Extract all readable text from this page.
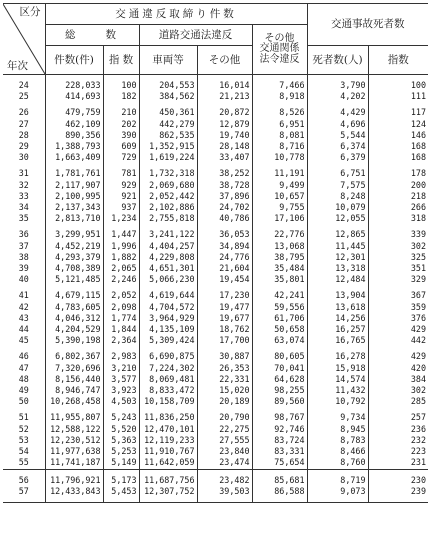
区分
年次	交通違反取締り件数					交通事故死者数	
	総　　数		道路交通法違反		その他
交通関係
法令違反		
	件数(件)	指 数	車両等	その他		死者数(人)	指数

24	228,033	100	204,553	16,014	7,466	3,790	100
25	414,693	182	384,562	21,213	8,918	4,202	111

26	479,759	210	450,361	20,872	8,526	4,429	117
27	462,109	202	442,279	12,879	6,951	4,696	124
28	890,356	390	862,535	19,740	8,081	5,544	146
29	1,388,793	609	1,352,915	28,148	8,716	6,374	168
30	1,663,409	729	1,619,224	33,407	10,778	6,379	168

31	1,781,761	781	1,732,318	38,252	11,191	6,751	178
32	2,117,907	929	2,069,680	38,728	9,499	7,575	200
33	2,100,995	921	2,052,442	37,896	10,657	8,248	218
34	2,137,343	937	2,102,886	24,702	9,755	10,079	266
35	2,813,710	1,234	2,755,818	40,786	17,106	12,055	318

36	3,299,951	1,447	3,241,122	36,053	22,776	12,865	339
37	4,452,219	1,996	4,404,257	34,894	13,068	11,445	302
38	4,293,379	1,882	4,229,808	24,776	38,795	12,301	325
39	4,708,389	2,065	4,651,301	21,604	35,484	13,318	351
40	5,121,485	2,246	5,066,230	19,454	35,801	12,484	329

41	4,679,115	2,052	4,619,644	17,230	42,241	13,904	367
42	4,783,605	2,098	4,704,572	19,477	59,556	13,618	359
43	4,046,312	1,774	3,964,929	19,677	61,706	14,256	376
44	4,204,529	1,844	4,135,109	18,762	50,658	16,257	429
45	5,390,198	2,364	5,309,424	17,700	63,074	16,765	442

46	6,802,367	2,983	6,690,875	30,887	80,605	16,278	429
47	7,320,696	3,210	7,224,302	26,353	70,041	15,918	420
48	8,156,440	3,577	8,069,481	22,331	64,628	14,574	384
49	8,946,747	3,923	8,833,472	15,020	98,255	11,432	302
50	10,268,458	4,503	10,158,709	20,189	89,560	10,792	285

51	11,955,807	5,243	11,836,250	20,790	98,767	9,734	257
52	12,588,122	5,520	12,470,101	22,275	92,746	8,945	236
53	12,230,512	5,363	12,119,233	27,555	83,724	8,783	232
54	11,977,638	5,253	11,910,767	23,840	83,331	8,466	223
55	11,741,187	5,149	11,642,059	23,474	75,654	8,760	231

56	11,796,921	5,173	11,687,756	23,482	85,681	8,719	230
57	12,433,843	5,453	12,307,752	39,503	86,588	9,073	239
